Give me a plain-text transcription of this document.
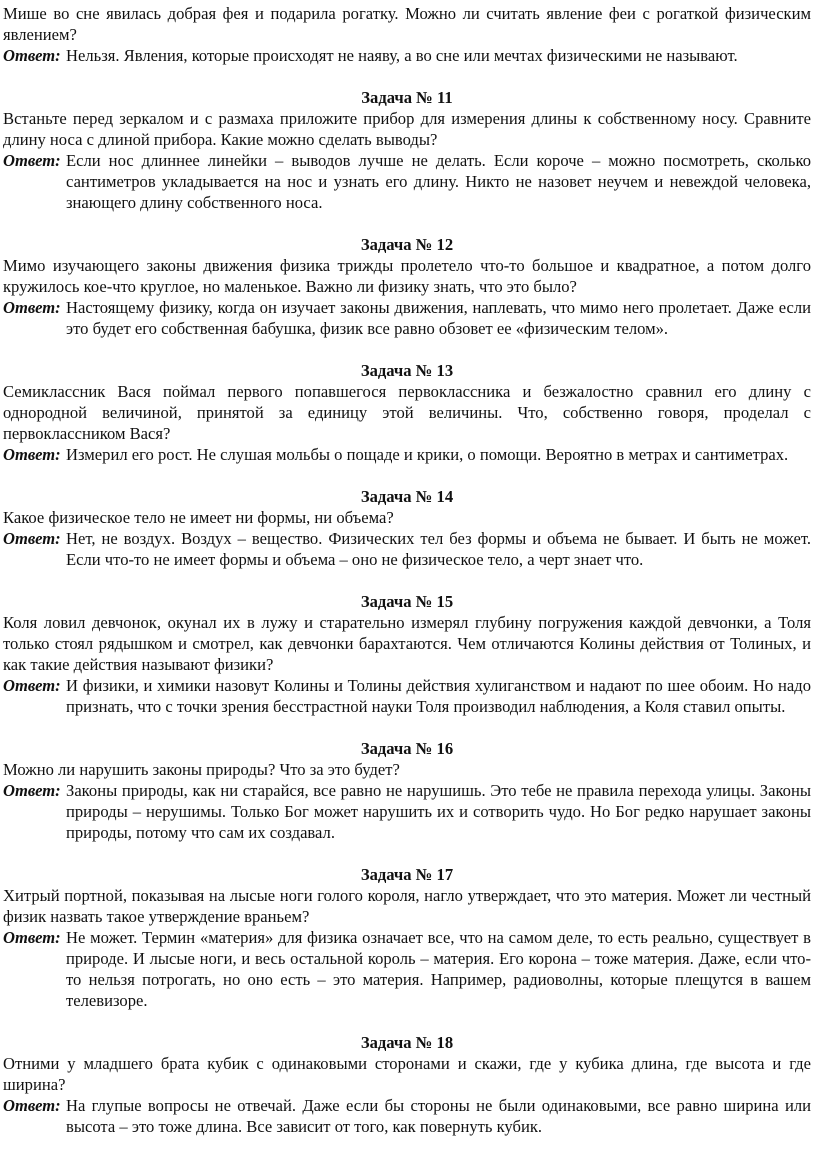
Мише во сне явилась добрая фея и подарила рогатку. Можно ли считать явление феи с рогаткой физическим явлением?

Ответ: Нельзя. Явления, которые происходят не наяву, а во сне или мечтах физическими не называют.

Задача № 11

Встаньте перед зеркалом и с размаха приложите прибор для измерения длины к собственному носу. Сравните длину носа с длиной прибора. Какие можно сделать выводы?

Ответ: Если нос длиннее линейки – выводов лучше не делать. Если короче – можно посмотреть, сколько сантиметров укладывается на нос и узнать его длину. Никто не назовет неучем и невеждой человека, знающего длину собственного носа.

Задача № 12

Мимо изучающего законы движения физика трижды пролетело что-то большое и квадратное, а потом долго кружилось кое-что круглое, но маленькое. Важно ли физику знать, что это было?

Ответ: Настоящему физику, когда он изучает законы движения, наплевать, что мимо него пролетает. Даже если это будет его собственная бабушка, физик все равно обзовет ее «физическим телом».

Задача № 13

Семиклассник Вася поймал первого попавшегося первоклассника и безжалостно сравнил его длину с однородной величиной, принятой за единицу этой величины. Что, собственно говоря, проделал с первоклассником Вася?

Ответ: Измерил его рост. Не слушая мольбы о пощаде и крики, о помощи. Вероятно в метрах и сантиметрах.

Задача № 14

Какое физическое тело не имеет ни формы, ни объема?

Ответ: Нет, не воздух. Воздух – вещество. Физических тел без формы и объема не бывает. И быть не может. Если что-то не имеет формы и объема – оно не физическое тело, а черт знает что.

Задача № 15

Коля ловил девчонок, окунал их в лужу и старательно измерял глубину погружения каждой девчонки, а Толя только стоял рядышком и смотрел, как девчонки барахтаются. Чем отличаются Колины действия от Толиных, и как такие действия называют физики?

Ответ: И физики, и химики назовут Колины и Толины действия хулиганством и надают по шее обоим. Но надо признать, что с точки зрения бесстрастной науки Толя производил наблюдения, а Коля ставил опыты.

Задача № 16

Можно ли нарушить законы природы? Что за это будет?

Ответ: Законы природы, как ни старайся, все равно не нарушишь. Это тебе не правила перехода улицы. Законы природы – нерушимы. Только Бог может нарушить их и сотворить чудо. Но Бог редко нарушает законы природы, потому что сам их создавал.

Задача № 17

Хитрый портной, показывая на лысые ноги голого короля, нагло утверждает, что это материя. Может ли честный физик назвать такое утверждение враньем?

Ответ: Не может. Термин «материя» для физика означает все, что на самом деле, то есть реально, существует в природе. И лысые ноги, и весь остальной король – материя. Его корона – тоже материя. Даже, если что-то нельзя потрогать, но оно есть – это материя. Например, радиоволны, которые плещутся в вашем телевизоре.

Задача № 18

Отними у младшего брата кубик с одинаковыми сторонами и скажи, где у кубика длина, где высота и где ширина?

Ответ: На глупые вопросы не отвечай. Даже если бы стороны не были одинаковыми, все равно ширина или высота – это тоже длина. Все зависит от того, как повернуть кубик.
